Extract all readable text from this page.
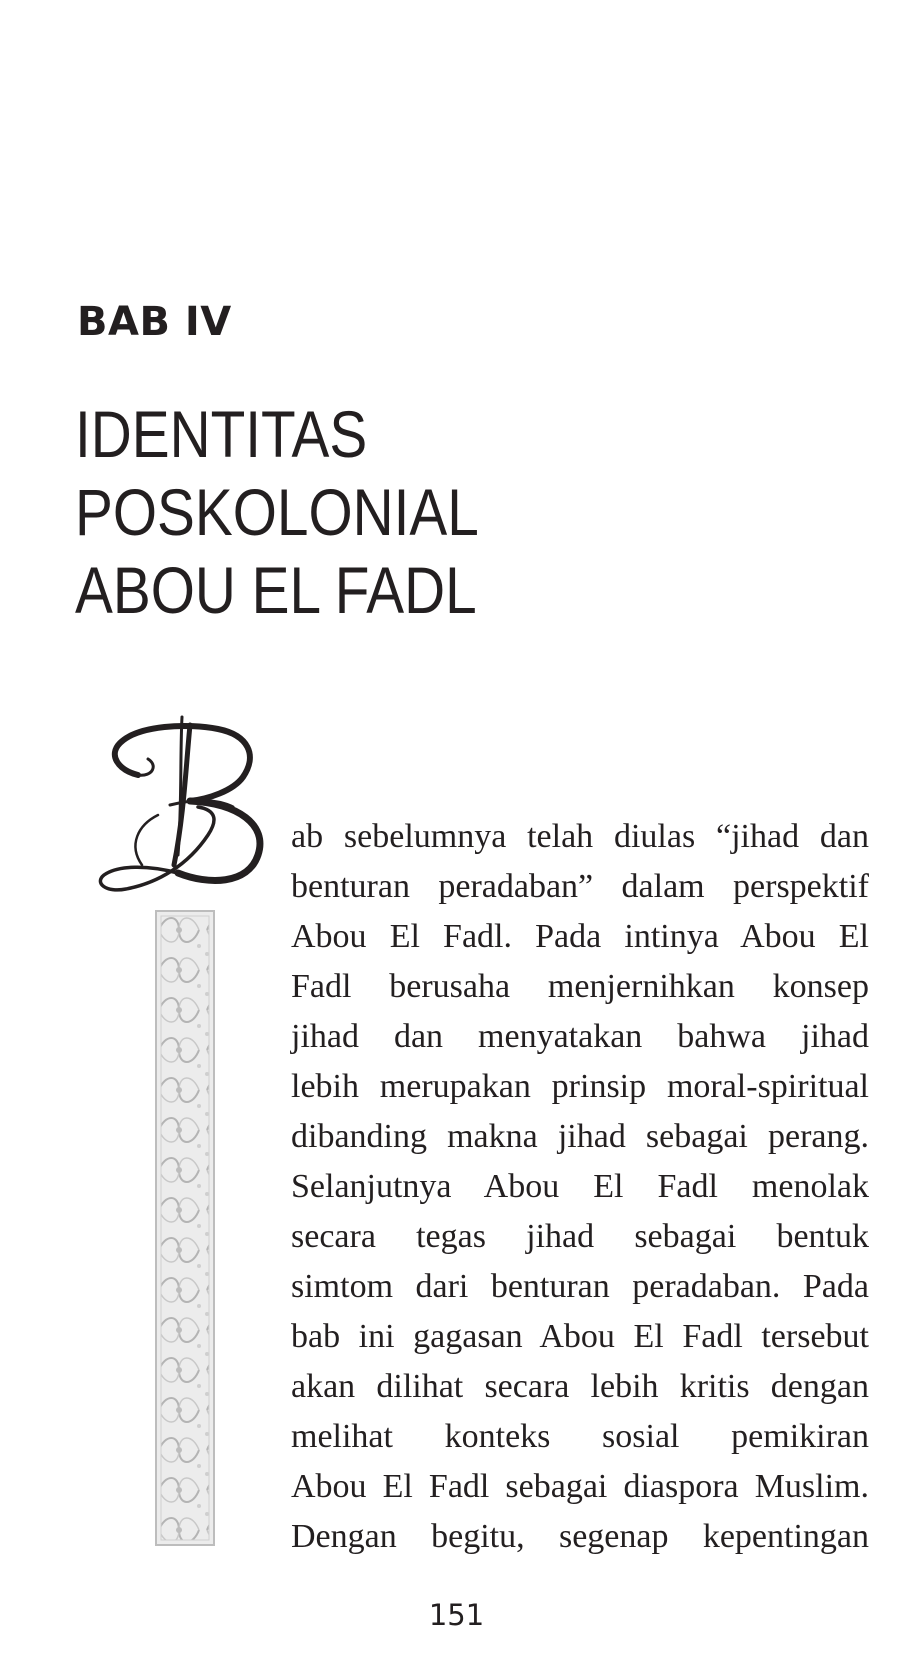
BAB IV
IDENTITAS POSKOLONIAL
ABOU EL FADL
ab sebelumnya telah diulas “jihad dan
benturan peradaban” dalam perspektif
Abou El Fadl. Pada intinya Abou El
Fadl berusaha menjernihkan konsep
jihad dan menyatakan bahwa jihad
lebih merupakan prinsip moral-spiritual
dibanding makna jihad sebagai perang.
Selanjutnya Abou El Fadl menolak
secara tegas jihad sebagai bentuk
simtom dari benturan peradaban. Pada
bab ini gagasan Abou El Fadl tersebut
akan dilihat secara lebih kritis dengan
melihat konteks sosial pemikiran
Abou El Fadl sebagai diaspora Muslim.
Dengan begitu, segenap kepentingan
151
